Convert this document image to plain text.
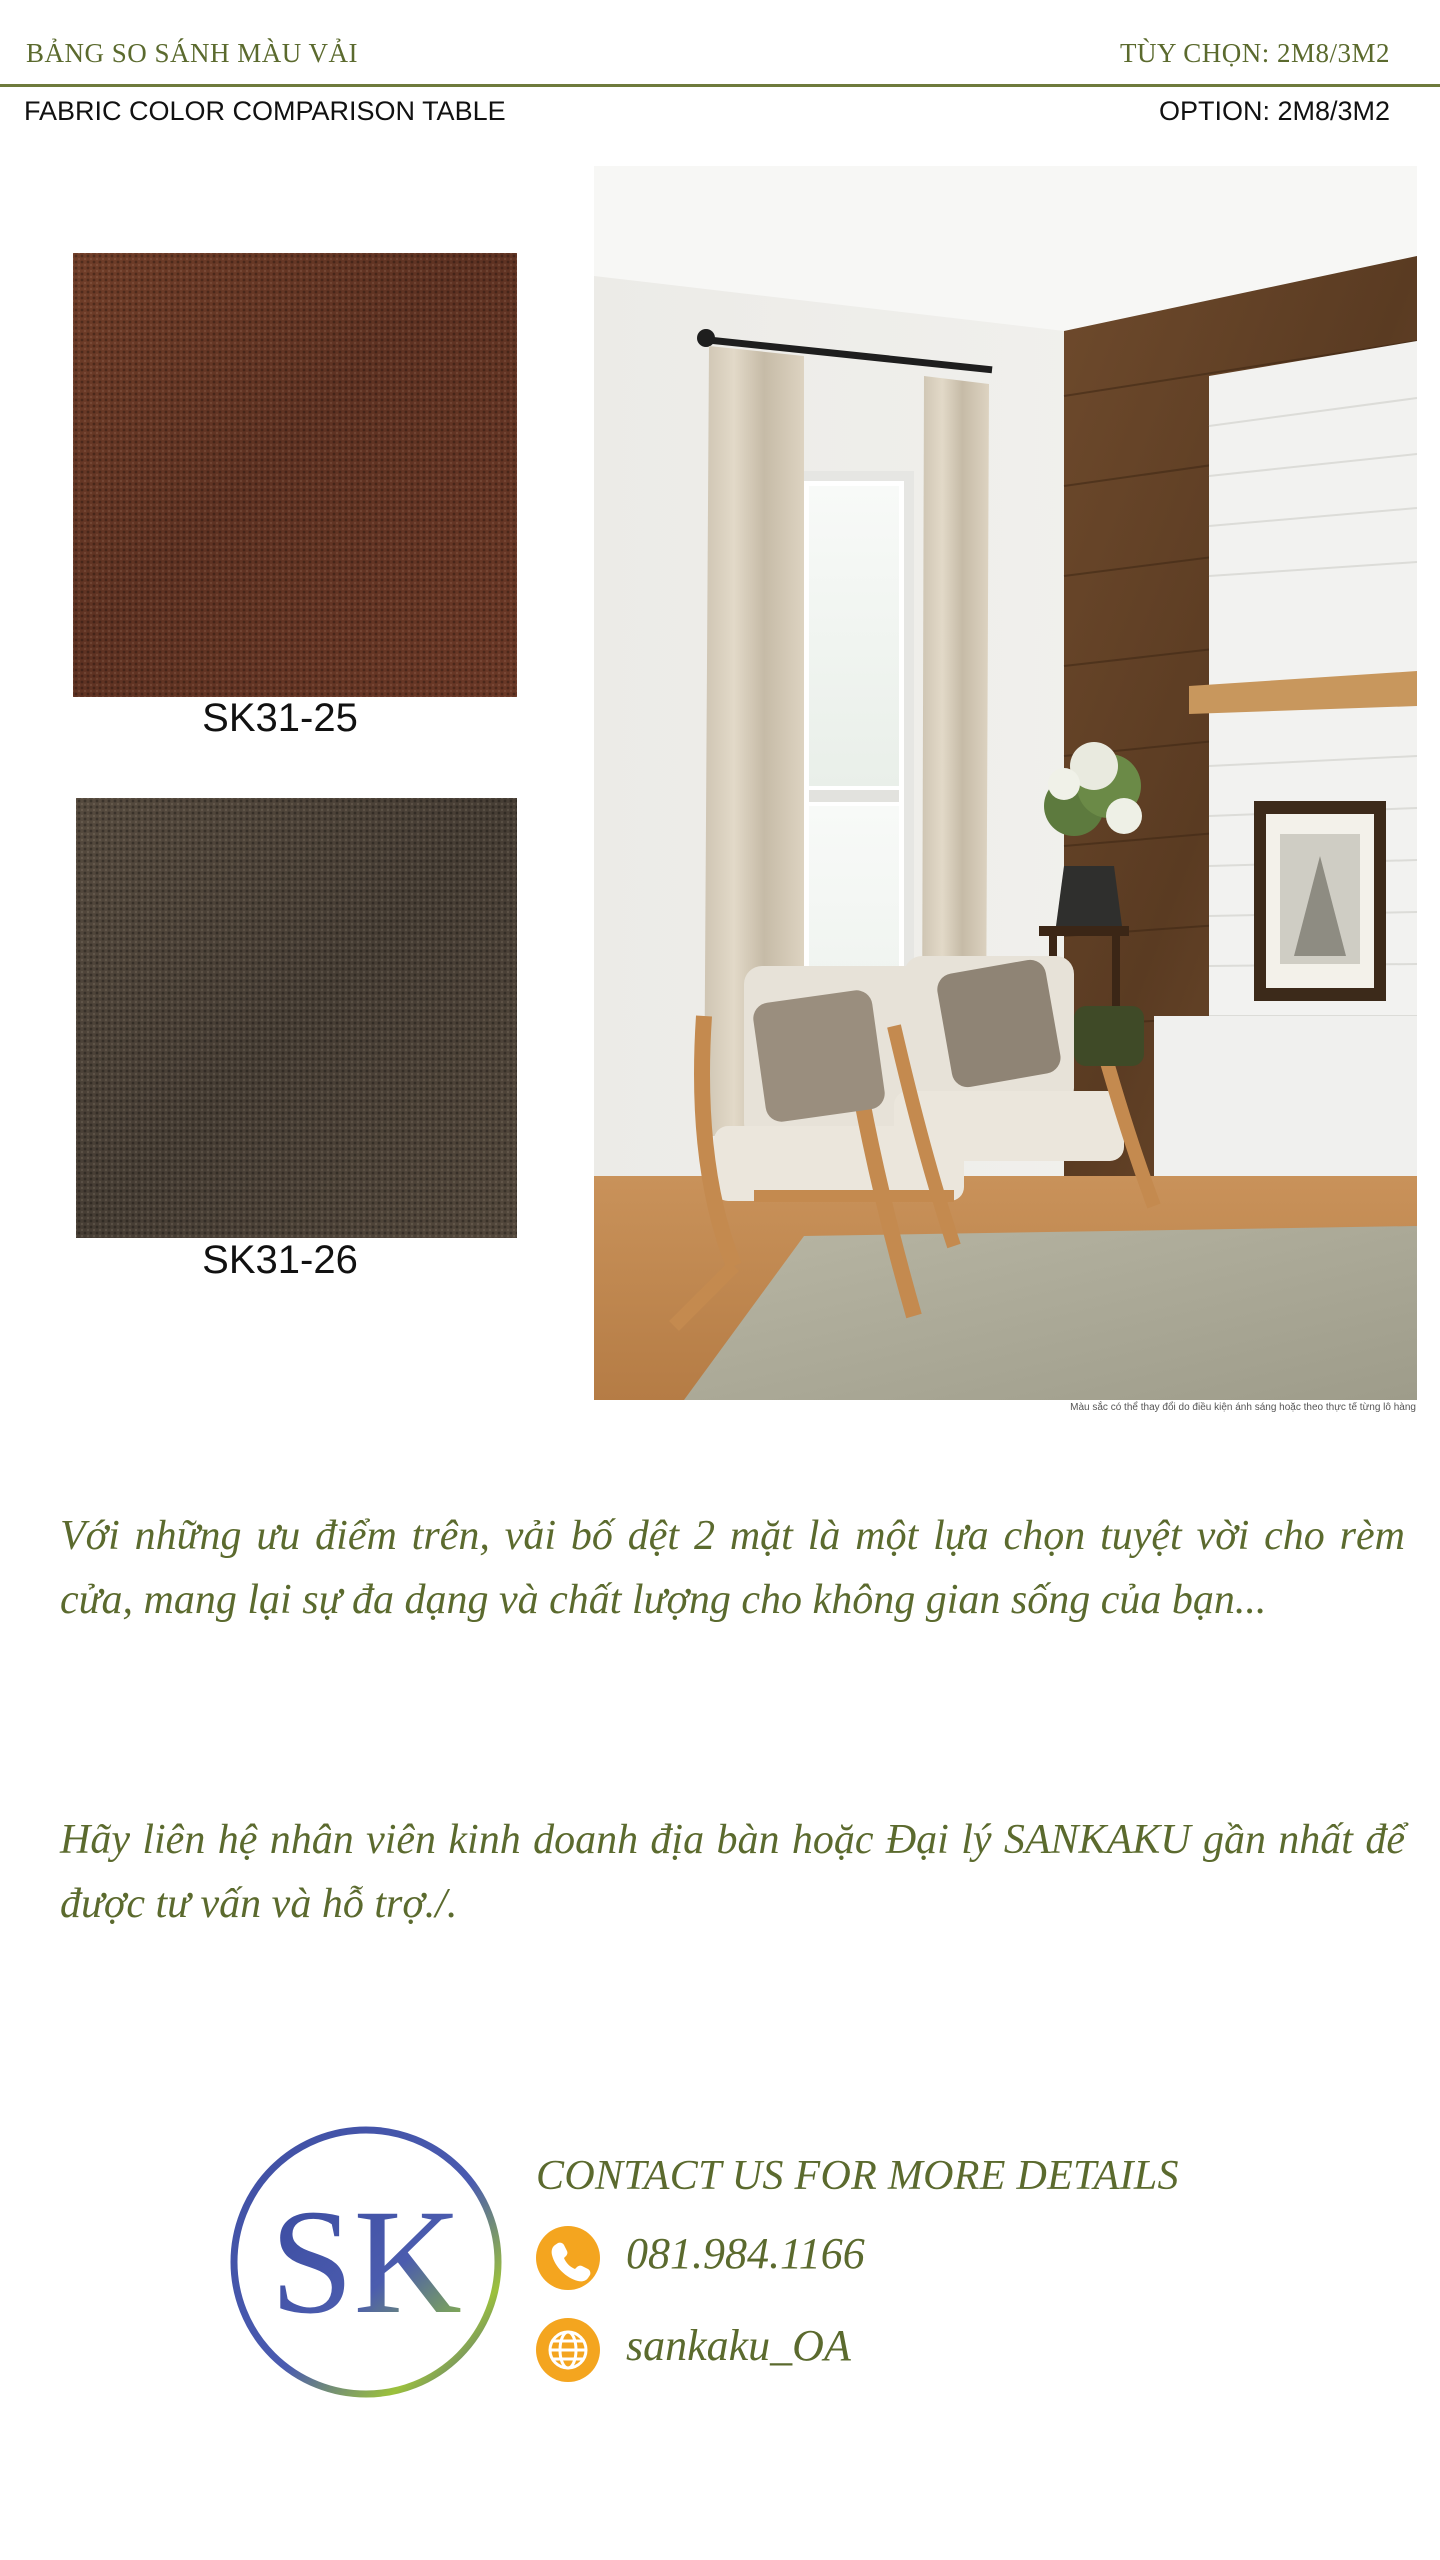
BẢNG SO SÁNH MÀU VẢI	TÙY CHỌN: 2M8/3M2
FABRIC COLOR COMPARISON TABLE	OPTION: 2M8/3M2
SK31-25
SK31-26
Màu sắc có thể thay đổi do điều kiện ánh sáng hoặc theo thực tế từng lô hàng
Với những ưu điểm trên, vải bố dệt 2 mặt là một lựa chọn tuyệt vời cho rèm cửa, mang lại sự đa dạng và chất lượng cho không gian sống của bạn...
Hãy liên hệ nhân viên kinh doanh địa bàn hoặc Đại lý SANKAKU gần nhất để được tư vấn và hỗ trợ./.
SK
CONTACT US FOR MORE DETAILS
081.984.1166
sankaku_OA
